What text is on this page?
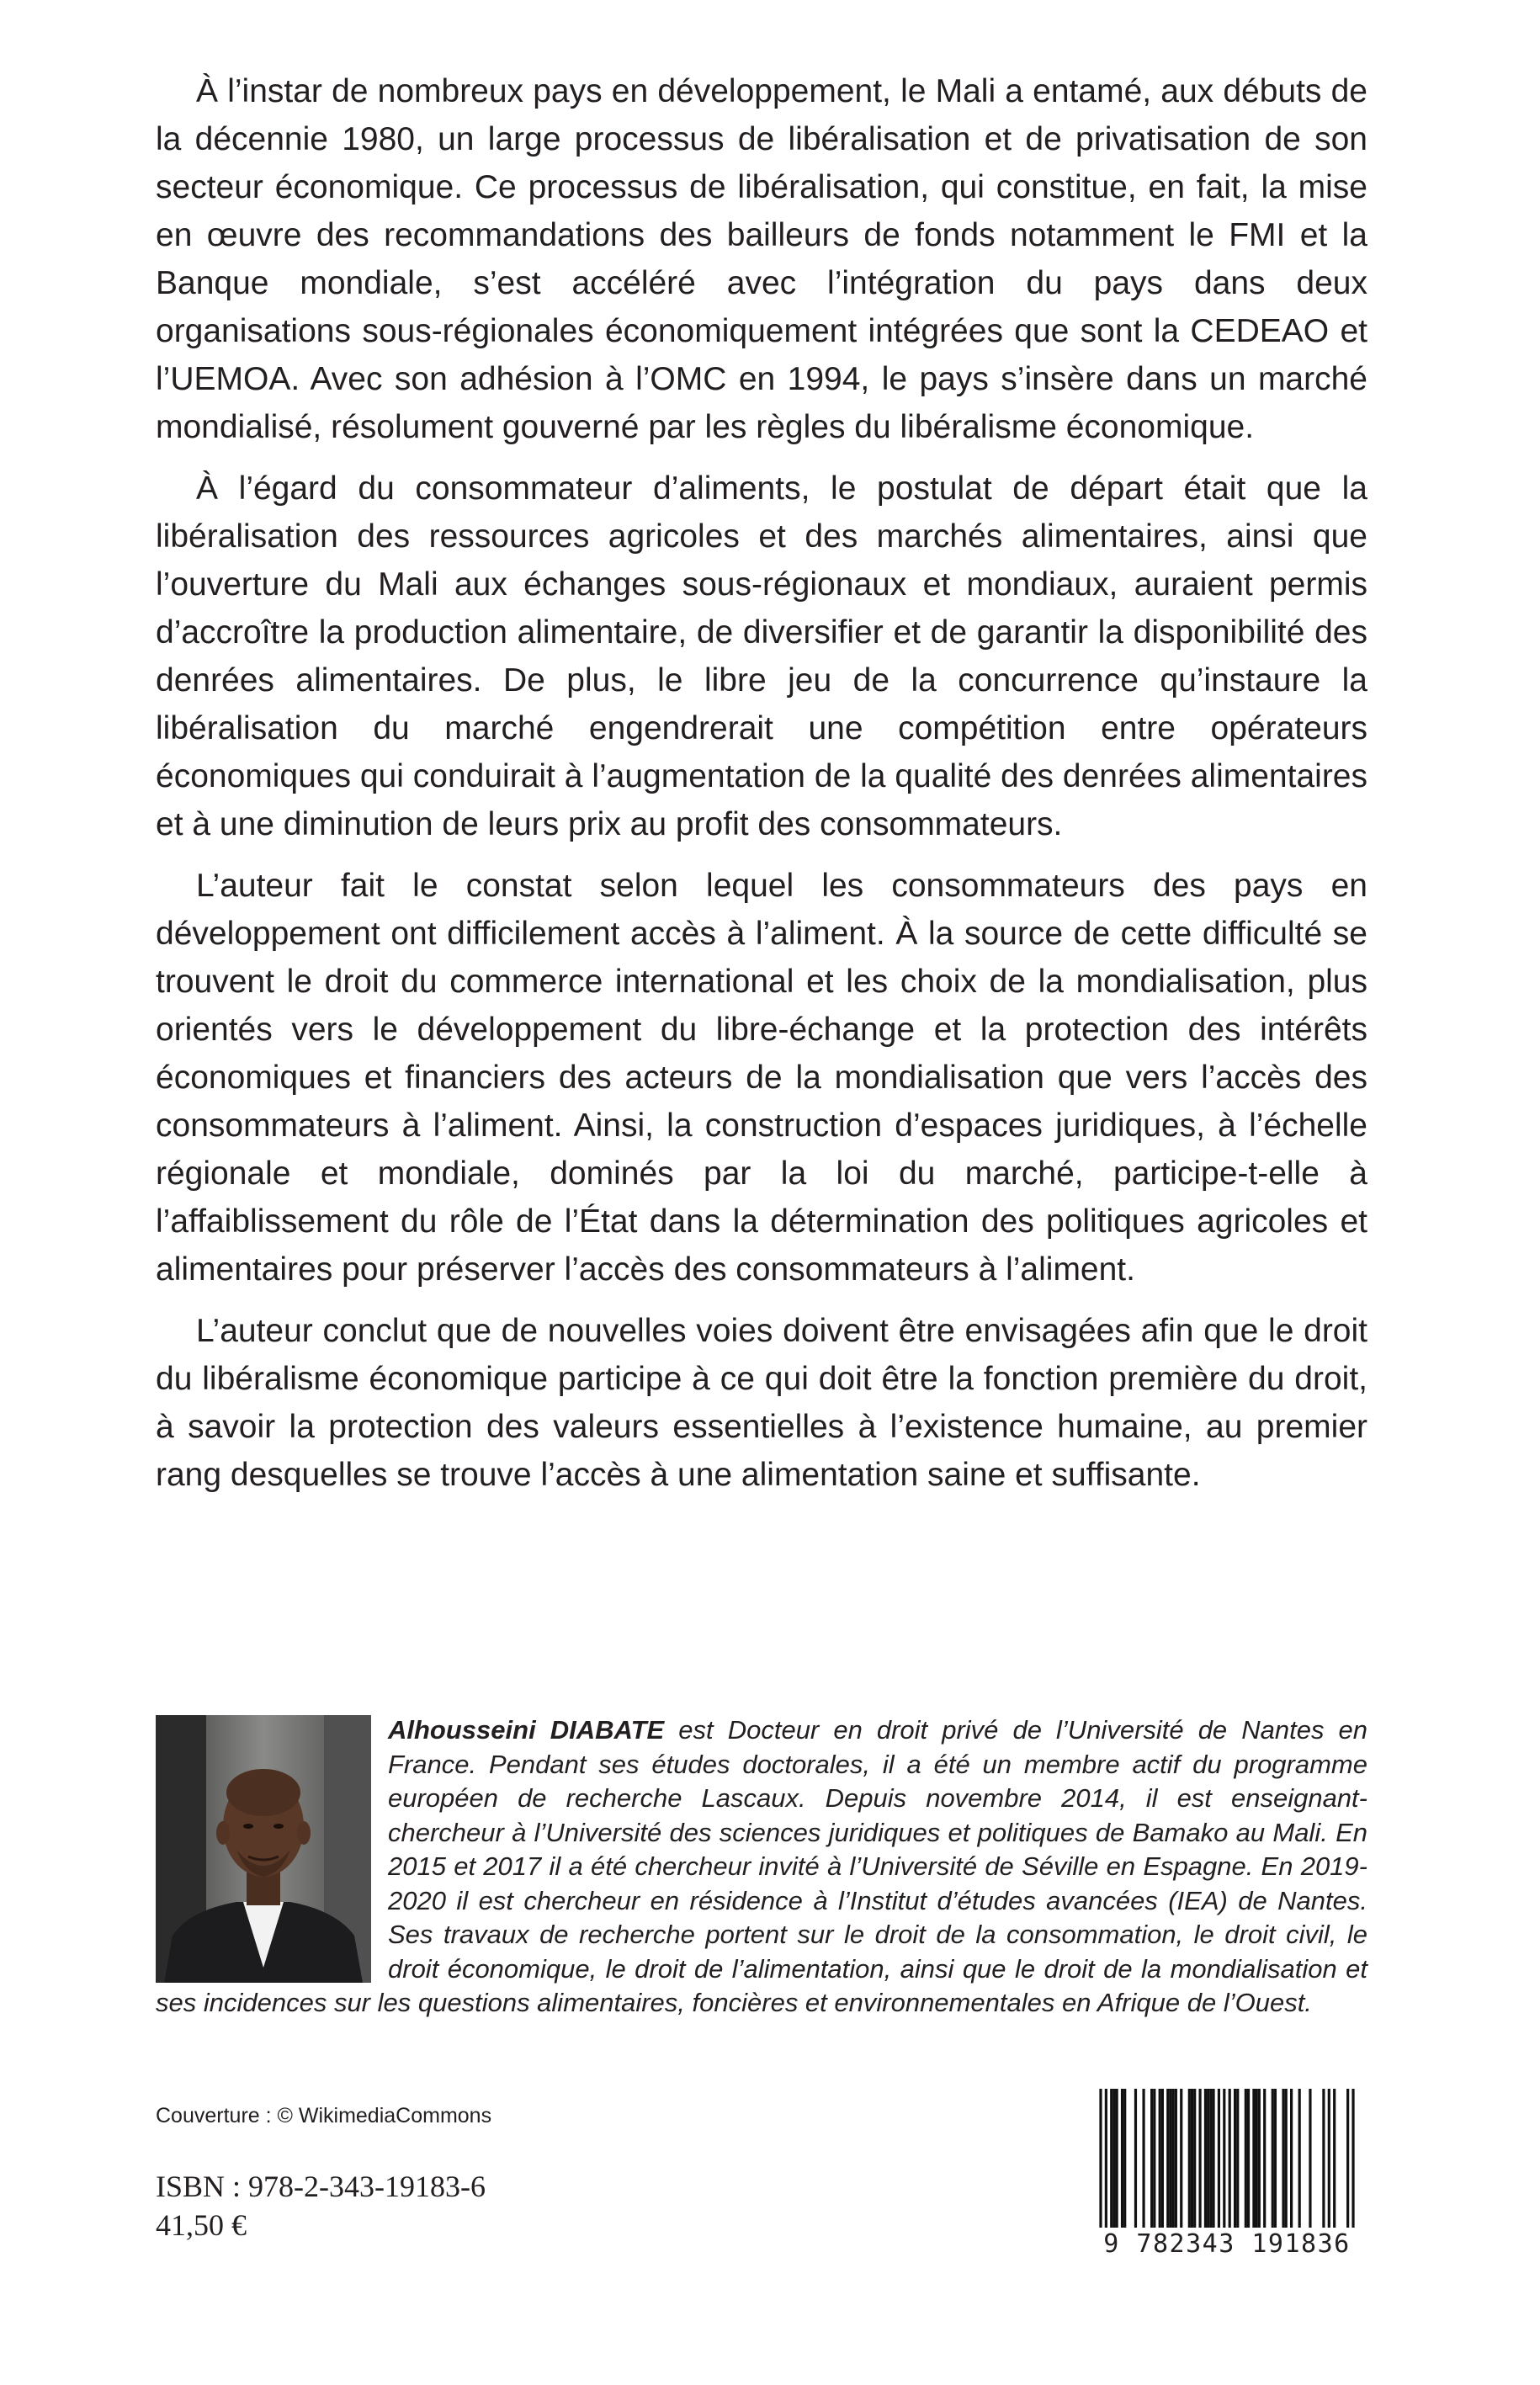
À l’instar de nombreux pays en développement, le Mali a entamé, aux débuts de la décennie 1980, un large processus de libéralisation et de privatisation de son secteur économique. Ce processus de libéralisation, qui constitue, en fait, la mise en œuvre des recommandations des bailleurs de fonds notamment le FMI et la Banque mondiale, s’est accéléré avec l’intégration du pays dans deux organisations sous-régionales économiquement intégrées que sont la CEDEAO et l’UEMOA. Avec son adhésion à l’OMC en 1994, le pays s’insère dans un marché mondialisé, résolument gouverné par les règles du libéralisme économique.

À l’égard du consommateur d’aliments, le postulat de départ était que la libéralisation des ressources agricoles et des marchés alimentaires, ainsi que l’ouverture du Mali aux échanges sous-régionaux et mondiaux, auraient permis d’accroître la production alimentaire, de diversifier et de garantir la disponibilité des denrées alimentaires. De plus, le libre jeu de la concurrence qu’instaure la libéralisation du marché engendrerait une compétition entre opérateurs économiques qui conduirait à l’augmentation de la qualité des denrées alimentaires et à une diminution de leurs prix au profit des consommateurs.

L’auteur fait le constat selon lequel les consommateurs des pays en développement ont difficilement accès à l’aliment. À la source de cette difficulté se trouvent le droit du commerce international et les choix de la mondialisation, plus orientés vers le développement du libre-échange et la protection des intérêts économiques et financiers des acteurs de la mondialisation que vers l’accès des consommateurs à l’aliment. Ainsi, la construction d’espaces juridiques, à l’échelle régionale et mondiale, dominés par la loi du marché, participe-t-elle à l’affaiblissement du rôle de l’État dans la détermination des politiques agricoles et alimentaires pour préserver l’accès des consommateurs à l’aliment.

L’auteur conclut que de nouvelles voies doivent être envisagées afin que le droit du libéralisme économique participe à ce qui doit être la fonction première du droit, à savoir la protection des valeurs essentielles à l’existence humaine, au premier rang desquelles se trouve l’accès à une alimentation saine et suffisante.

Alhousseini DIABATE est Docteur en droit privé de l’Université de Nantes en France. Pendant ses études doctorales, il a été un membre actif du programme européen de recherche Lascaux. Depuis novembre 2014, il est enseignant-chercheur à l’Université des sciences juridiques et politiques de Bamako au Mali. En 2015 et 2017 il a été chercheur invité à l’Université de Séville en Espagne. En 2019-2020 il est chercheur en résidence à l’Institut d’études avancées (IEA) de Nantes. Ses travaux de recherche portent sur le droit de la consommation, le droit civil, le droit économique, le droit de l’alimentation, ainsi que le droit de la mondialisation et ses incidences sur les questions alimentaires, foncières et environnementales en Afrique de l’Ouest.

Couverture : © WikimediaCommons
ISBN : 978-2-343-19183-6
41,50 €
9 782343 191836
